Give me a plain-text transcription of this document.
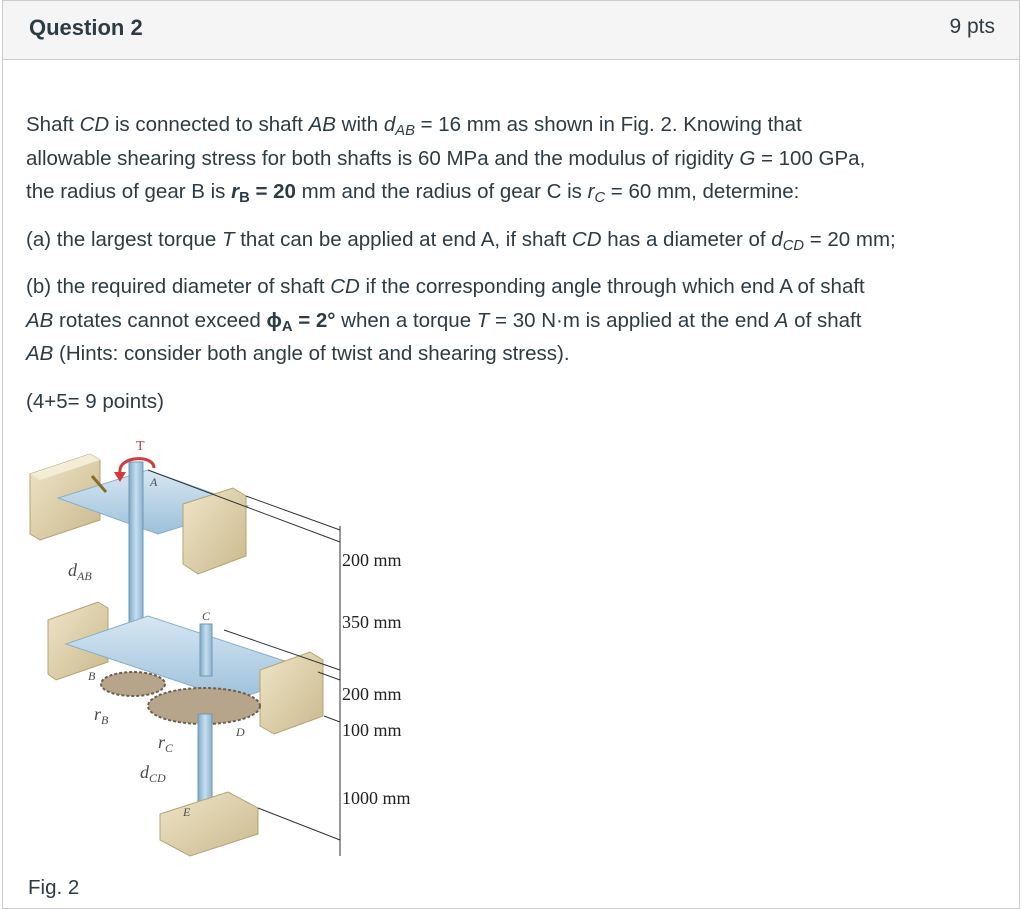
Question 2	9 pts

Shaft CD is connected to shaft AB with $d_{AB} = 16$ mm as shown in Fig. 2. Knowing that
allowable shearing stress for both shafts is 60 MPa and the modulus of rigidity G = 100 GPa,
the radius of gear B is $r_B = 20$ mm and the radius of gear C is $r_C = 60$ mm, determine:

(a) the largest torque T that can be applied at end A, if shaft CD has a diameter of $d_{CD} = 20$ mm;

(b) the required diameter of shaft CD if the corresponding angle through which end A of shaft
AB rotates cannot exceed $\phi_A = 2^\circ$ when a torque T = 30 N·m is applied at the end A of shaft
AB (Hints: consider both angle of twist and shearing stress).

(4+5= 9 points)

T
A
C
B
D
E
$d_{AB}$
$r_B$
$r_C$
$d_{CD}$
200 mm
350 mm
200 mm
100 mm
1000 mm
Fig. 2
